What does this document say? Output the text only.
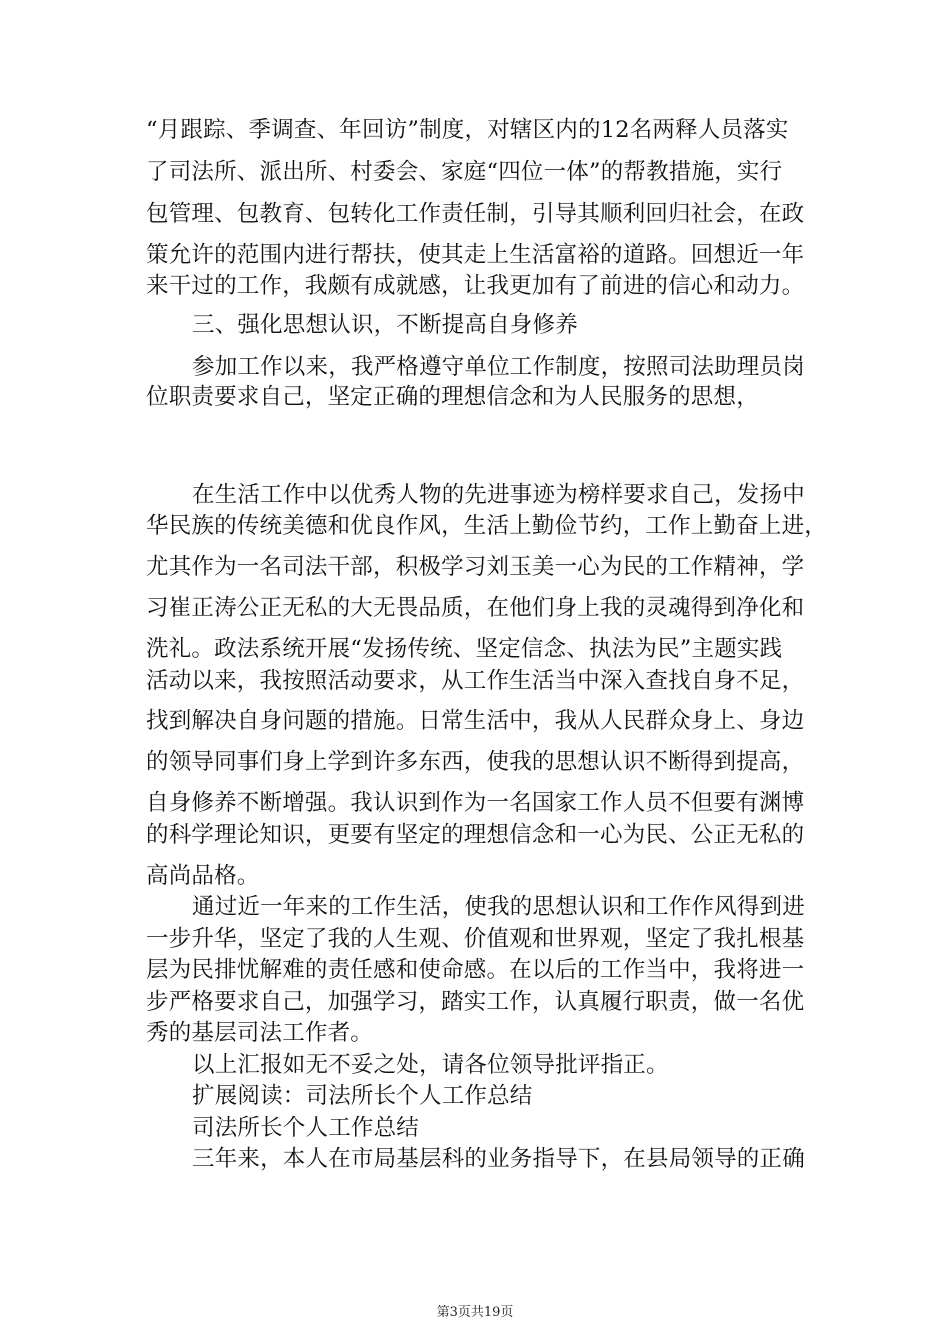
“月跟踪、季调查、年回访”制度，对辖区内的12名两释人员落实
了司法所、派出所、村委会、家庭“四位一体”的帮教措施，实行
包管理、包教育、包转化工作责任制，引导其顺利回归社会，在政
策允许的范围内进行帮扶，使其走上生活富裕的道路。回想近一年
来干过的工作，我颇有成就感，让我更加有了前进的信心和动力。
三、强化思想认识，不断提高自身修养
参加工作以来，我严格遵守单位工作制度，按照司法助理员岗
位职责要求自己，坚定正确的理想信念和为人民服务的思想，
在生活工作中以优秀人物的先进事迹为榜样要求自己，发扬中
华民族的传统美德和优良作风，生活上勤俭节约，工作上勤奋上进，
尤其作为一名司法干部，积极学习刘玉美一心为民的工作精神，学
习崔正涛公正无私的大无畏品质，在他们身上我的灵魂得到净化和
洗礼。政法系统开展“发扬传统、坚定信念、执法为民”主题实践
活动以来，我按照活动要求，从工作生活当中深入查找自身不足，
找到解决自身问题的措施。日常生活中，我从人民群众身上、身边
的领导同事们身上学到许多东西，使我的思想认识不断得到提高，
自身修养不断增强。我认识到作为一名国家工作人员不但要有渊博
的科学理论知识，更要有坚定的理想信念和一心为民、公正无私的
高尚品格。
通过近一年来的工作生活，使我的思想认识和工作作风得到进
一步升华，坚定了我的人生观、价值观和世界观，坚定了我扎根基
层为民排忧解难的责任感和使命感。在以后的工作当中，我将进一
步严格要求自己，加强学习，踏实工作，认真履行职责，做一名优
秀的基层司法工作者。
以上汇报如无不妥之处，请各位领导批评指正。
扩展阅读：司法所长个人工作总结
司法所长个人工作总结
三年来，本人在市局基层科的业务指导下，在县局领导的正确
第3页共19页
